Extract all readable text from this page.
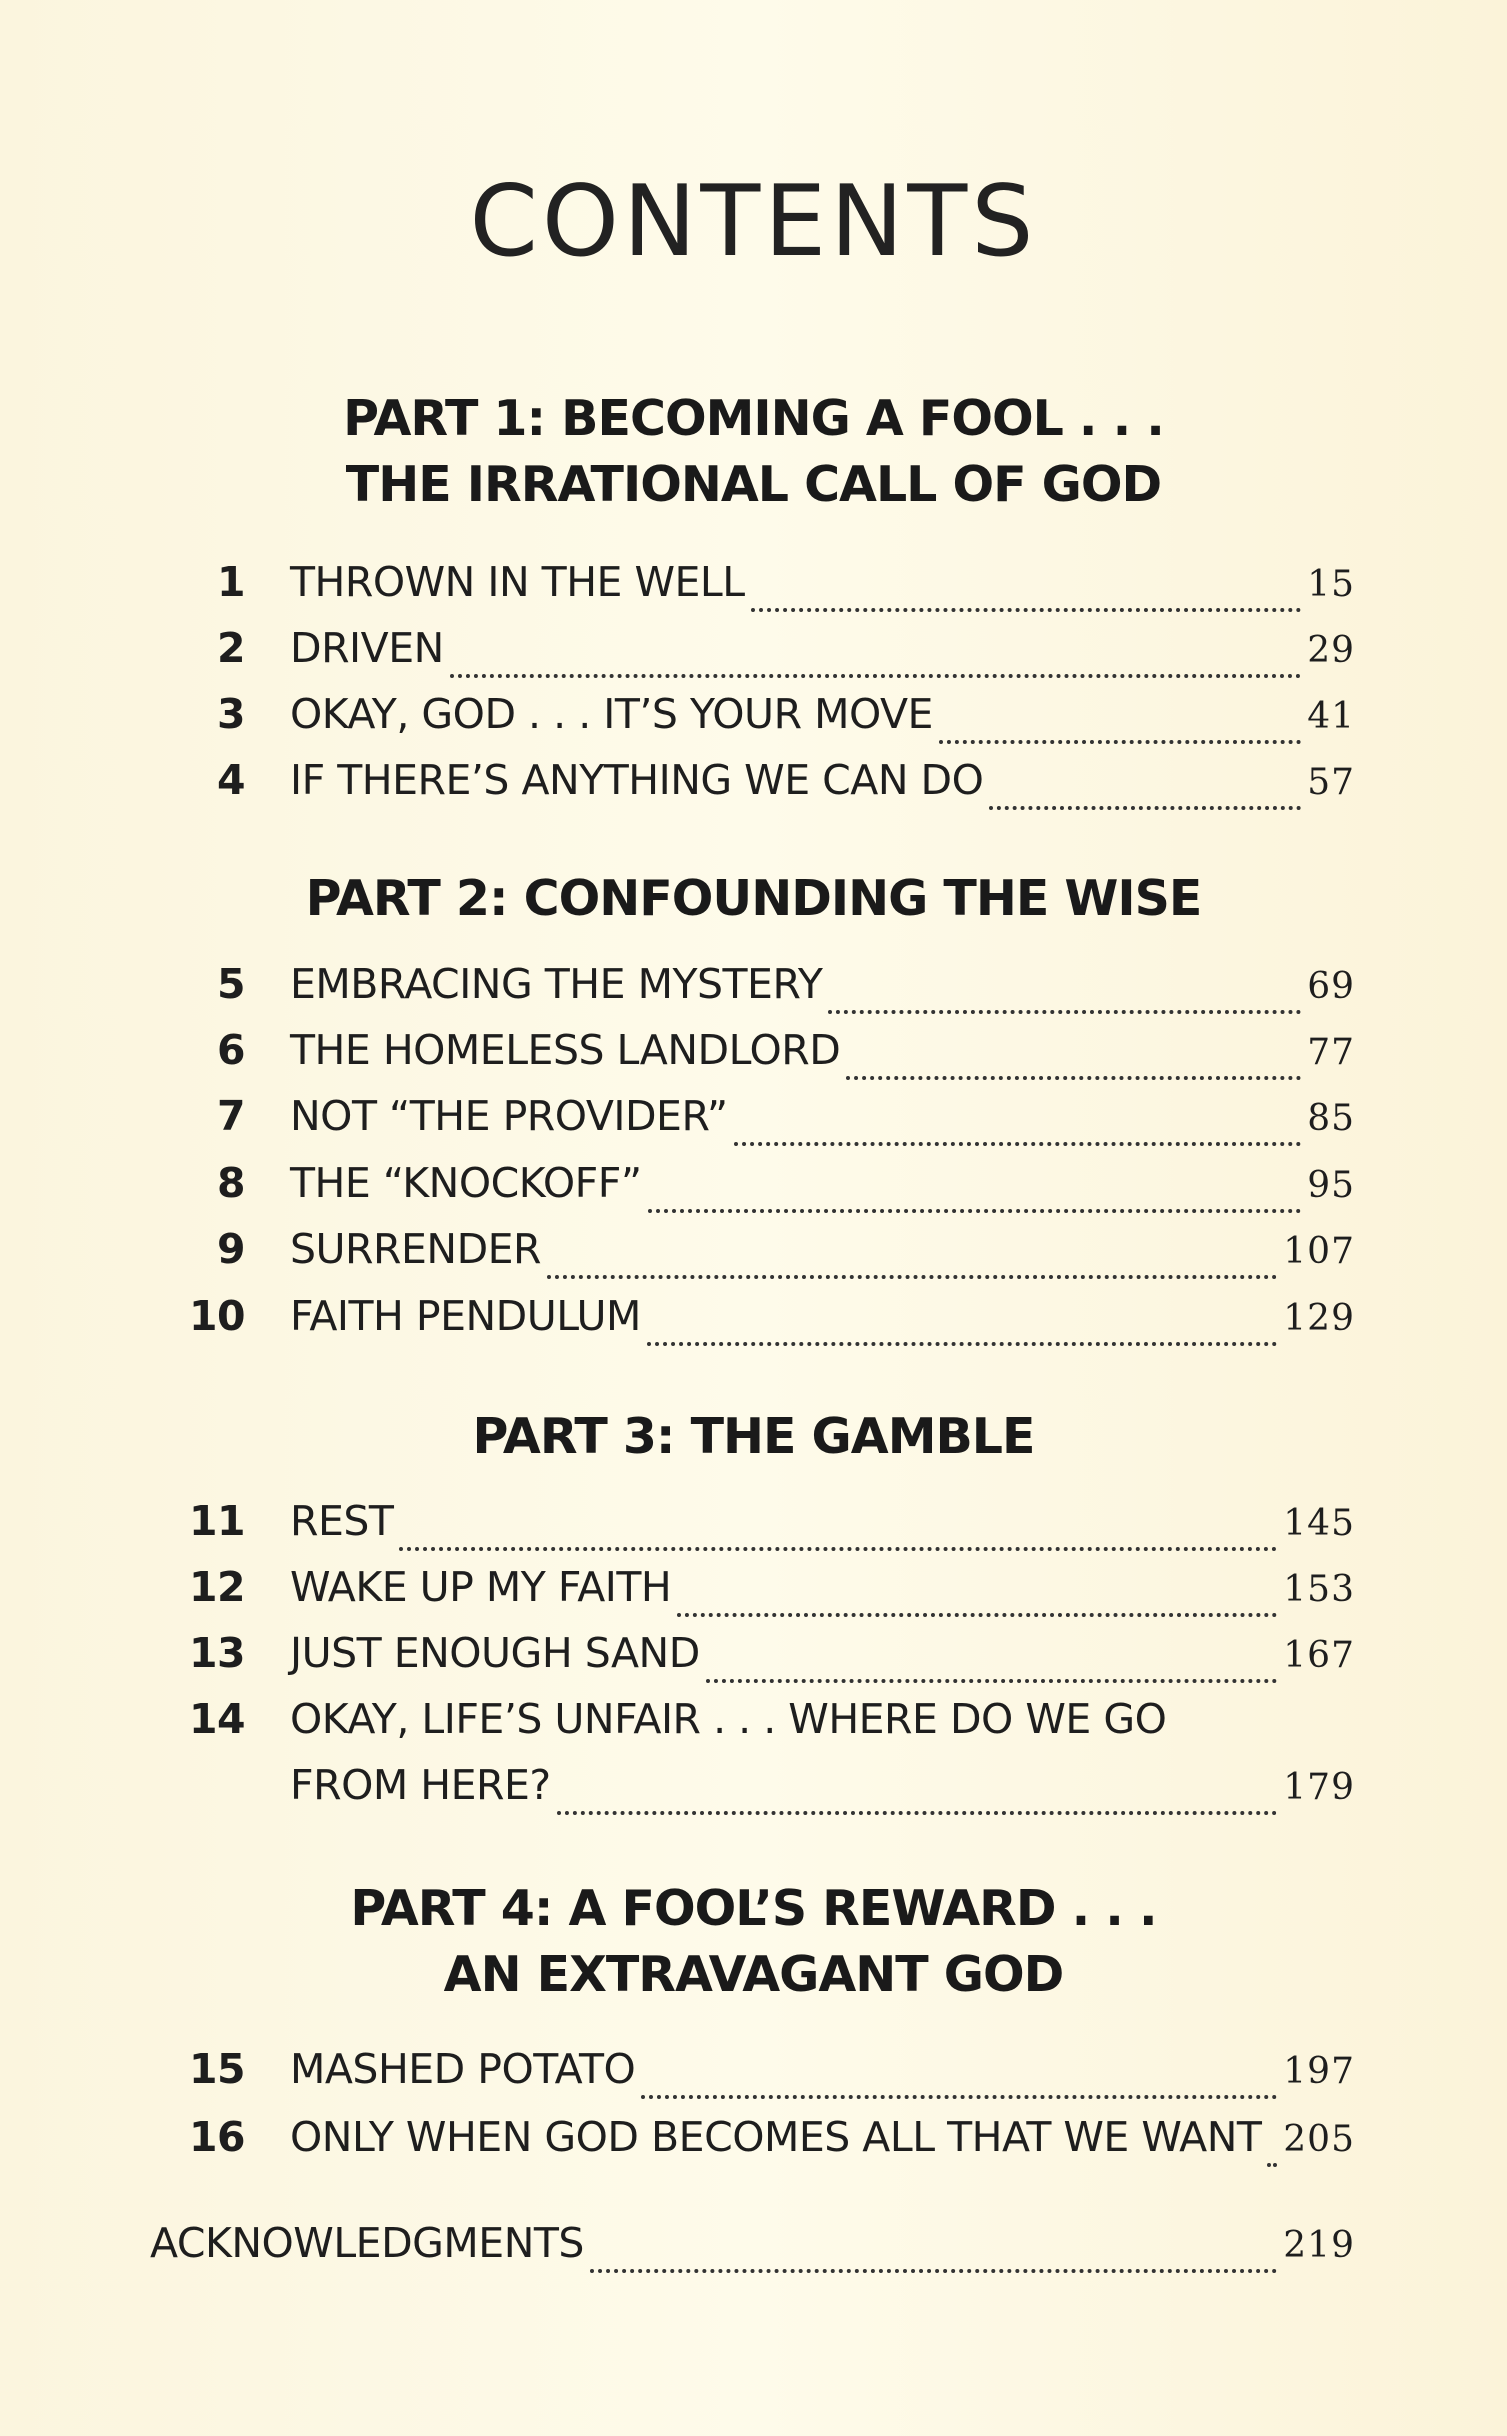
CONTENTS
PART 1: BECOMING A FOOL . . .
THE IRRATIONAL CALL OF GOD
1 THROWN IN THE WELL	15
2 DRIVEN	29
3 OKAY, GOD . . . IT’S YOUR MOVE	41
4 IF THERE’S ANYTHING WE CAN DO	57
PART 2: CONFOUNDING THE WISE
5 EMBRACING THE MYSTERY	69
6 THE HOMELESS LANDLORD	77
7 NOT “THE PROVIDER”	85
8 THE “KNOCKOFF”	95
9 SURRENDER	107
10 FAITH PENDULUM	129
PART 3: THE GAMBLE
11 REST	145
12 WAKE UP MY FAITH	153
13 JUST ENOUGH SAND	167
14 OKAY, LIFE’S UNFAIR . . . WHERE DO WE GO
FROM HERE?	179
PART 4: A FOOL’S REWARD . . .
AN EXTRAVAGANT GOD
15 MASHED POTATO	197
16 ONLY WHEN GOD BECOMES ALL THAT WE WANT 205
ACKNOWLEDGMENTS	219
